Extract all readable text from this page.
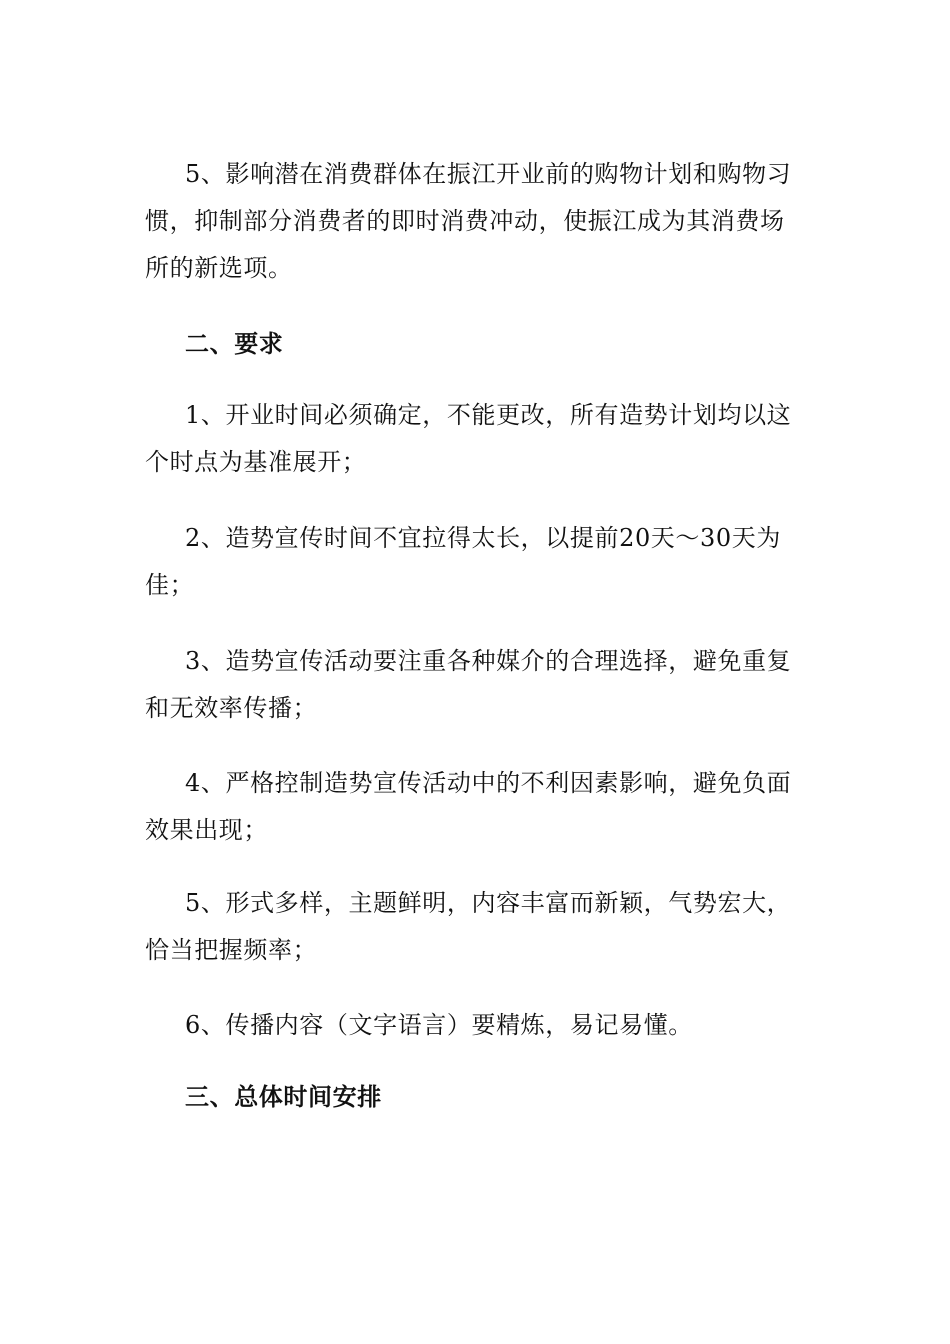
5、影响潜在消费群体在振江开业前的购物计划和购物习惯，抑制部分消费者的即时消费冲动，使振江成为其消费场所的新选项。

二、要求

1、开业时间必须确定，不能更改，所有造势计划均以这个时点为基准展开；

2、造势宣传时间不宜拉得太长，以提前20天～30天为佳；

3、造势宣传活动要注重各种媒介的合理选择，避免重复和无效率传播；

4、严格控制造势宣传活动中的不利因素影响，避免负面效果出现；

5、形式多样，主题鲜明，内容丰富而新颖，气势宏大，恰当把握频率；

6、传播内容（文字语言）要精炼，易记易懂。

三、总体时间安排
